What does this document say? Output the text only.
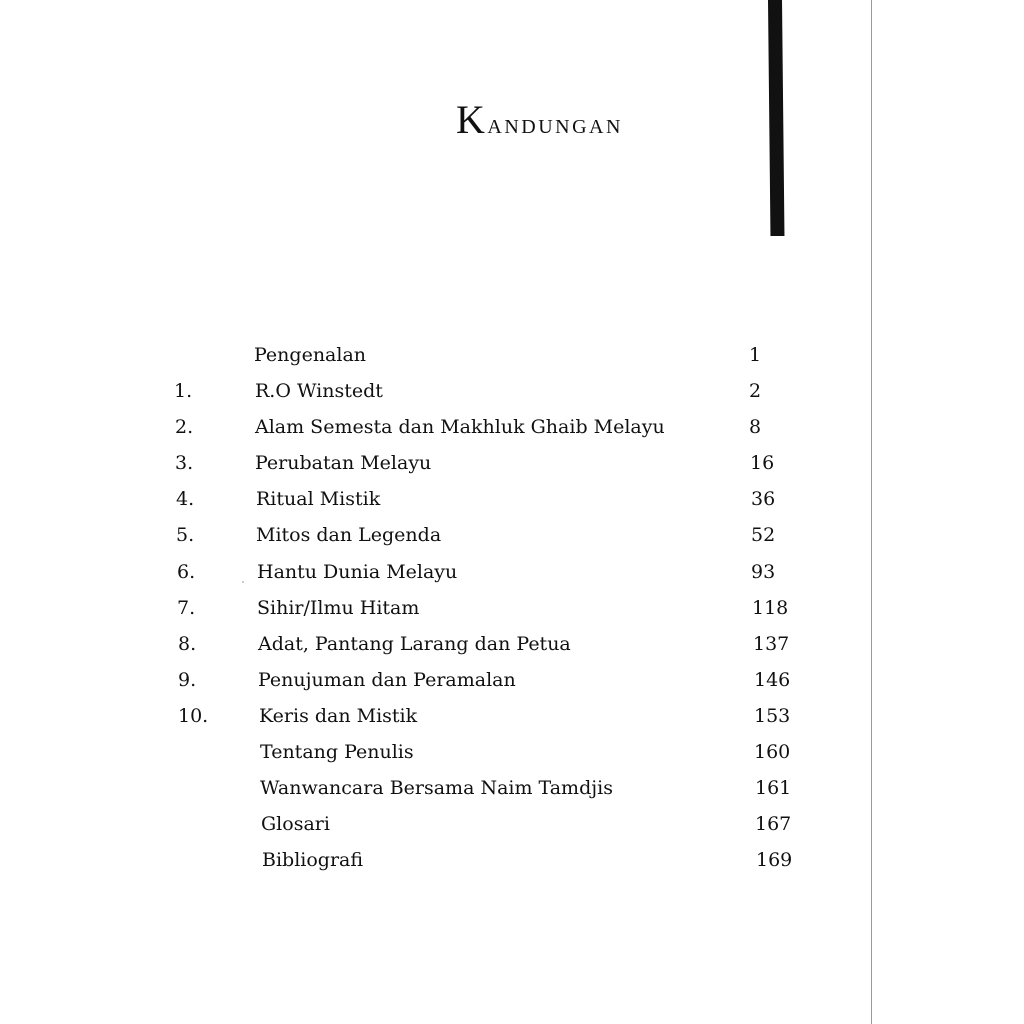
Kandungan
Pengenalan	1
1.	R.O Winstedt	2
2.	Alam Semesta dan Makhluk Ghaib Melayu	8
3.	Perubatan Melayu	16
4.	Ritual Mistik	36
5.	Mitos dan Legenda	52
6.	Hantu Dunia Melayu	93
7.	Sihir/Ilmu Hitam	118
8.	Adat, Pantang Larang dan Petua	137
9.	Penujuman dan Peramalan	146
10.	Keris dan Mistik	153
Tentang Penulis	160
Wanwancara Bersama Naim Tamdjis	161
Glosari	167
Bibliografi	169
